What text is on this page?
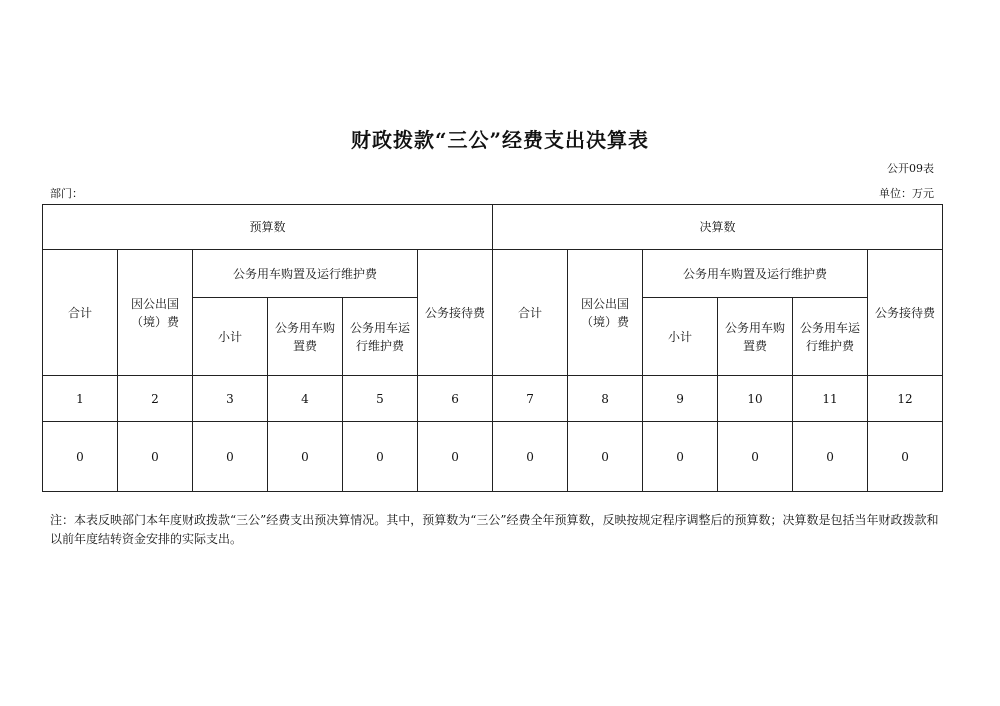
财政拨款“三公”经费支出决算表
公开09表
部门：	单位：万元
预算数						决算数					
合计	因公出国（境）费	公务用车购置及运行维护费			公务接待费	合计	因公出国（境）费	公务用车购置及运行维护费			公务接待费
		小计	公务用车购置费	公务用车运行维护费				小计	公务用车购置费	公务用车运行维护费	
1	2	3	4	5	6	7	8	9	10	11	12
0	0	0	0	0	0	0	0	0	0	0	0
注：本表反映部门本年度财政拨款“三公”经费支出预决算情况。其中，预算数为“三公”经费全年预算数，反映按规定程序调整后的预算数；决算数是包括当年财政拨款和以前年度结转资金安排的实际支出。
